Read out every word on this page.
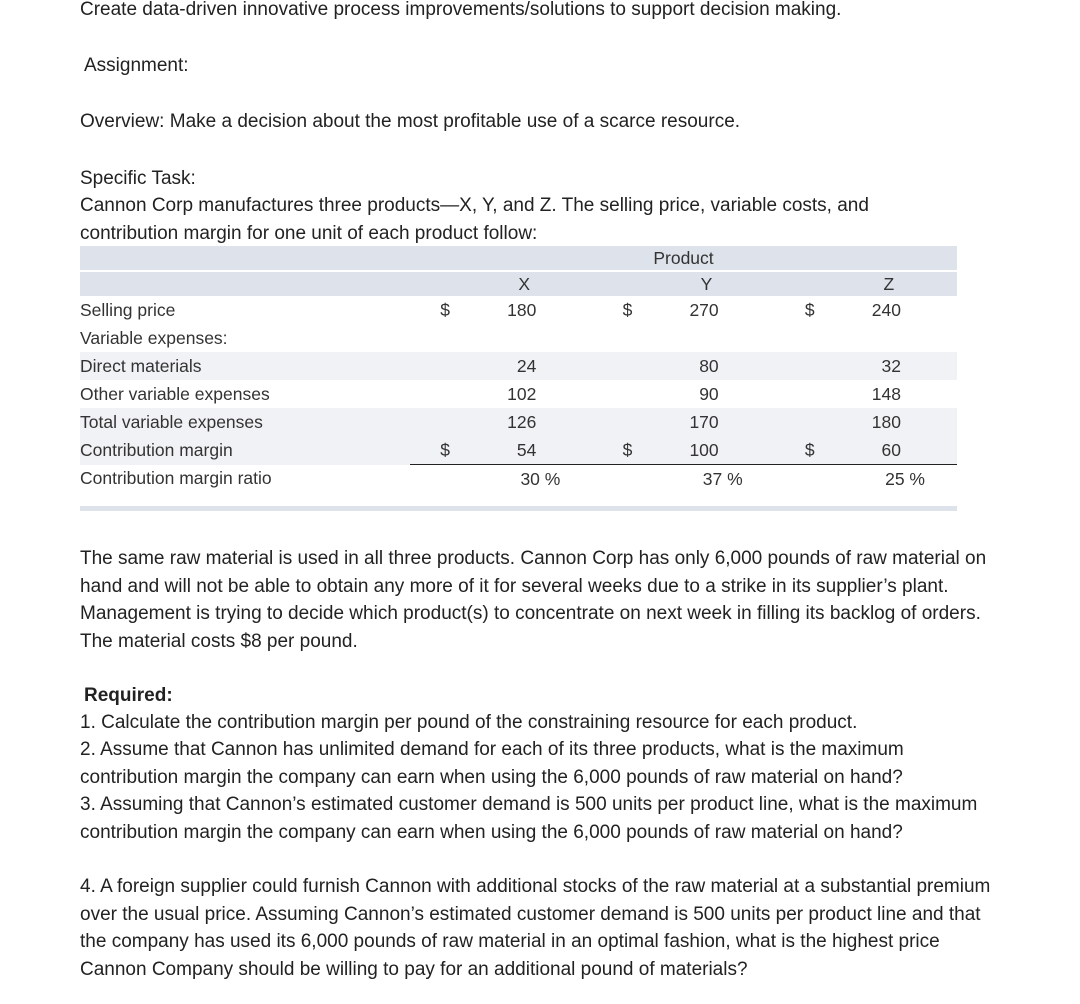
Create data-driven innovative process improvements/solutions to support decision making.
Assignment:
Overview: Make a decision about the most profitable use of a scarce resource.
Specific Task:
Cannon Corp manufactures three products—X, Y, and Z. The selling price, variable costs, and contribution margin for one unit of each product follow:
Product						
		X		Y		Z
Selling price	$	180	$	270	$	240
Variable expenses:						
Direct materials		24		80		32
Other variable expenses		102		90		148
Total variable expenses		126		170		180
Contribution margin	$	54	$	100	$	60
Contribution margin ratio		30 %		37 %		25 %
The same raw material is used in all three products. Cannon Corp has only 6,000 pounds of raw material on hand and will not be able to obtain any more of it for several weeks due to a strike in its supplier’s plant. Management is trying to decide which product(s) to concentrate on next week in filling its backlog of orders. The material costs $8 per pound.
Required:
1. Calculate the contribution margin per pound of the constraining resource for each product.
2. Assume that Cannon has unlimited demand for each of its three products, what is the maximum contribution margin the company can earn when using the 6,000 pounds of raw material on hand?
3. Assuming that Cannon’s estimated customer demand is 500 units per product line, what is the maximum contribution margin the company can earn when using the 6,000 pounds of raw material on hand?
4. A foreign supplier could furnish Cannon with additional stocks of the raw material at a substantial premium over the usual price. Assuming Cannon’s estimated customer demand is 500 units per product line and that the company has used its 6,000 pounds of raw material in an optimal fashion, what is the highest price Cannon Company should be willing to pay for an additional pound of materials?
